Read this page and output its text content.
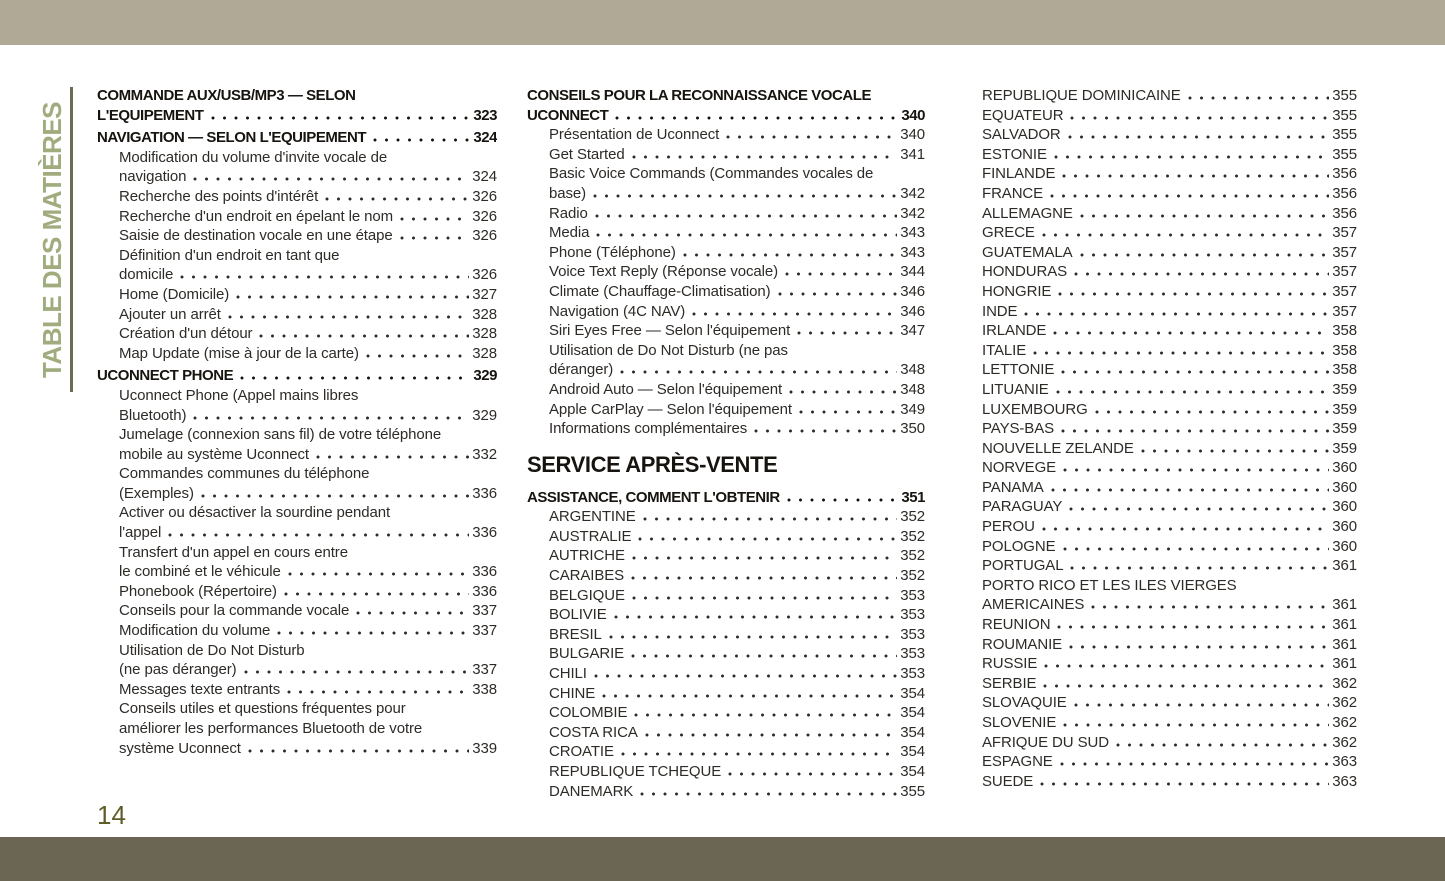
TABLE DES MATIÈRES
COMMANDE AUX/USB/MP3 — SELON
L'EQUIPEMENT	323
NAVIGATION — SELON L'EQUIPEMENT	324
Modification du volume d'invite vocale de
navigation	324
Recherche des points d'intérêt	326
Recherche d'un endroit en épelant le nom	326
Saisie de destination vocale en une étape	326
Définition d'un endroit en tant que
domicile	326
Home (Domicile)	327
Ajouter un arrêt	328
Création d'un détour	328
Map Update (mise à jour de la carte)	328
UCONNECT PHONE	329
Uconnect Phone (Appel mains libres
Bluetooth)	329
Jumelage (connexion sans fil) de votre téléphone
mobile au système Uconnect	332
Commandes communes du téléphone
(Exemples)	336
Activer ou désactiver la sourdine pendant
l'appel	336
Transfert d'un appel en cours entre
le combiné et le véhicule	336
Phonebook (Répertoire)	336
Conseils pour la commande vocale	337
Modification du volume	337
Utilisation de Do Not Disturb
(ne pas déranger)	337
Messages texte entrants	338
Conseils utiles et questions fréquentes pour
améliorer les performances Bluetooth de votre
système Uconnect	339
CONSEILS POUR LA RECONNAISSANCE VOCALE
UCONNECT	340
Présentation de Uconnect	340
Get Started	341
Basic Voice Commands (Commandes vocales de
base)	342
Radio	342
Media	343
Phone (Téléphone)	343
Voice Text Reply (Réponse vocale)	344
Climate (Chauffage-Climatisation)	346
Navigation (4C NAV)	346
Siri Eyes Free — Selon l'équipement	347
Utilisation de Do Not Disturb (ne pas
déranger)	348
Android Auto — Selon l'équipement	348
Apple CarPlay — Selon l'équipement	349
Informations complémentaires	350
SERVICE APRÈS-VENTE
ASSISTANCE, COMMENT L'OBTENIR	351
ARGENTINE	352
AUSTRALIE	352
AUTRICHE	352
CARAIBES	352
BELGIQUE	353
BOLIVIE	353
BRESIL	353
BULGARIE	353
CHILI	353
CHINE	354
COLOMBIE	354
COSTA RICA	354
CROATIE	354
REPUBLIQUE TCHEQUE	354
DANEMARK	355
REPUBLIQUE DOMINICAINE	355
EQUATEUR	355
SALVADOR	355
ESTONIE	355
FINLANDE	356
FRANCE	356
ALLEMAGNE	356
GRECE	357
GUATEMALA	357
HONDURAS	357
HONGRIE	357
INDE	357
IRLANDE	358
ITALIE	358
LETTONIE	358
LITUANIE	359
LUXEMBOURG	359
PAYS-BAS	359
NOUVELLE ZELANDE	359
NORVEGE	360
PANAMA	360
PARAGUAY	360
PEROU	360
POLOGNE	360
PORTUGAL	361
PORTO RICO ET LES ILES VIERGES
AMERICAINES	361
REUNION	361
ROUMANIE	361
RUSSIE	361
SERBIE	362
SLOVAQUIE	362
SLOVENIE	362
AFRIQUE DU SUD	362
ESPAGNE	363
SUEDE	363
14
